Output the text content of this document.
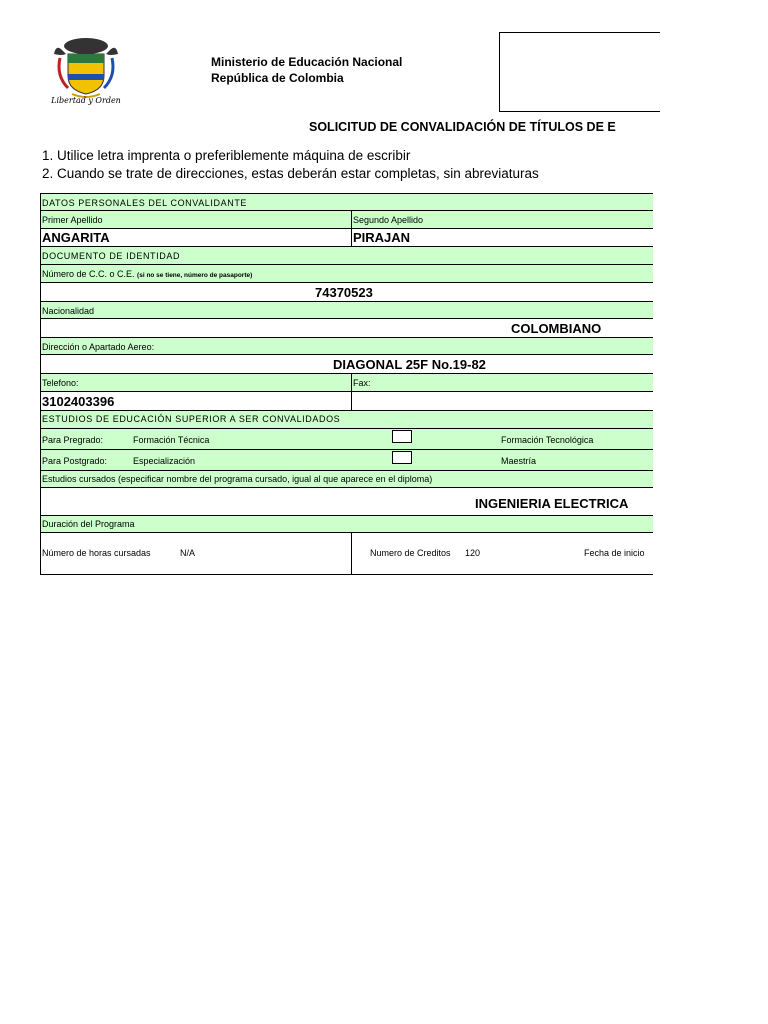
Libertad y Orden
Ministerio de Educación Nacional
República de Colombia
SOLICITUD DE CONVALIDACIÓN DE TÍTULOS DE E
1. Utilice letra imprenta o preferiblemente máquina de escribir
2. Cuando se trate de direcciones, estas deberán estar completas, sin abreviaturas
DATOS PERSONALES DEL CONVALIDANTE
Primer Apellido	Segundo Apellido
ANGARITA	PIRAJAN
DOCUMENTO DE IDENTIDAD
Número de C.C. o C.E. (si no se tiene, número de pasaporte)
74370523
Nacionalidad
COLOMBIANO
Dirección o Apartado Aereo:
DIAGONAL 25F No.19-82
Telefono:	Fax:
3102403396
ESTUDIOS DE EDUCACIÓN SUPERIOR A SER CONVALIDADOS
Para Pregrado:	Formación Técnica	Formación Tecnológica
Para Postgrado:	Especialización	Maestría
Estudios cursados (especificar nombre del programa cursado, igual al que aparece en el diploma)
INGENIERIA ELECTRICA
Duración del Programa
Número de horas cursadas	N/A	Numero de Creditos 120	Fecha de inicio
